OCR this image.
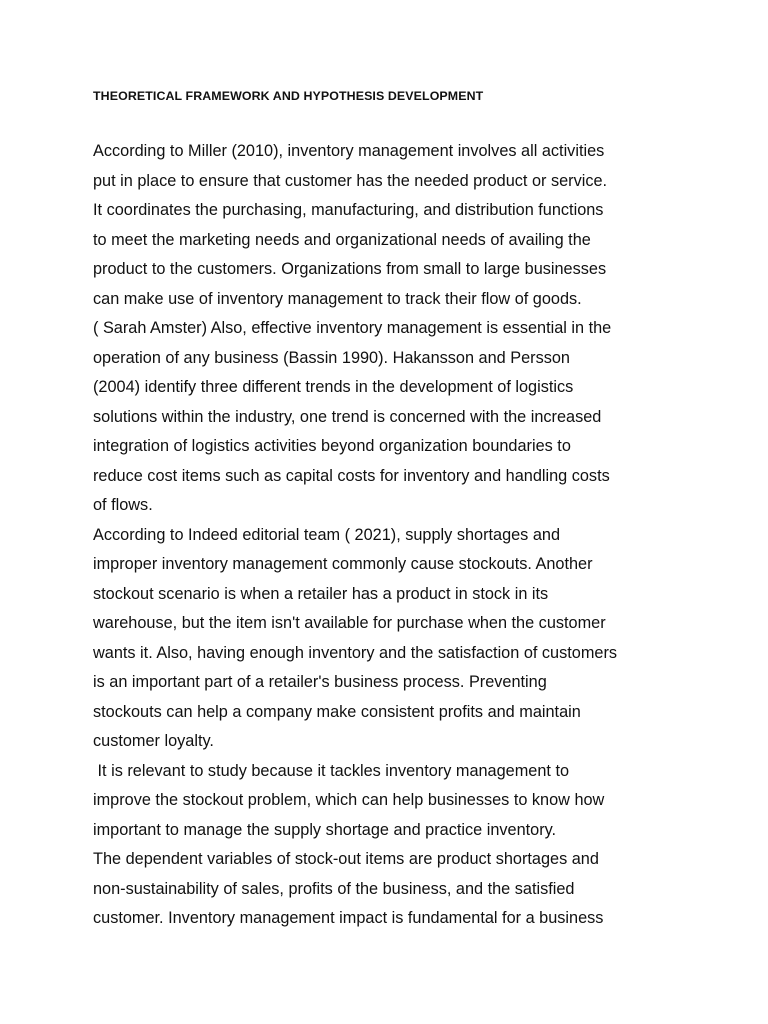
THEORETICAL FRAMEWORK AND HYPOTHESIS DEVELOPMENT
According to Miller (2010), inventory management involves all activities
put in place to ensure that customer has the needed product or service.
It coordinates the purchasing, manufacturing, and distribution functions
to meet the marketing needs and organizational needs of availing the
product to the customers. Organizations from small to large businesses
can make use of inventory management to track their flow of goods.
( Sarah Amster) Also, effective inventory management is essential in the
operation of any business (Bassin 1990). Hakansson and Persson
(2004) identify three different trends in the development of logistics
solutions within the industry, one trend is concerned with the increased
integration of logistics activities beyond organization boundaries to
reduce cost items such as capital costs for inventory and handling costs
of flows.
According to Indeed editorial team ( 2021), supply shortages and
improper inventory management commonly cause stockouts. Another
stockout scenario is when a retailer has a product in stock in its
warehouse, but the item isn't available for purchase when the customer
wants it. Also, having enough inventory and the satisfaction of customers
is an important part of a retailer's business process. Preventing
stockouts can help a company make consistent profits and maintain
customer loyalty.
It is relevant to study because it tackles inventory management to
improve the stockout problem, which can help businesses to know how
important to manage the supply shortage and practice inventory.
The dependent variables of stock-out items are product shortages and
non-sustainability of sales, profits of the business, and the satisfied
customer. Inventory management impact is fundamental for a business
